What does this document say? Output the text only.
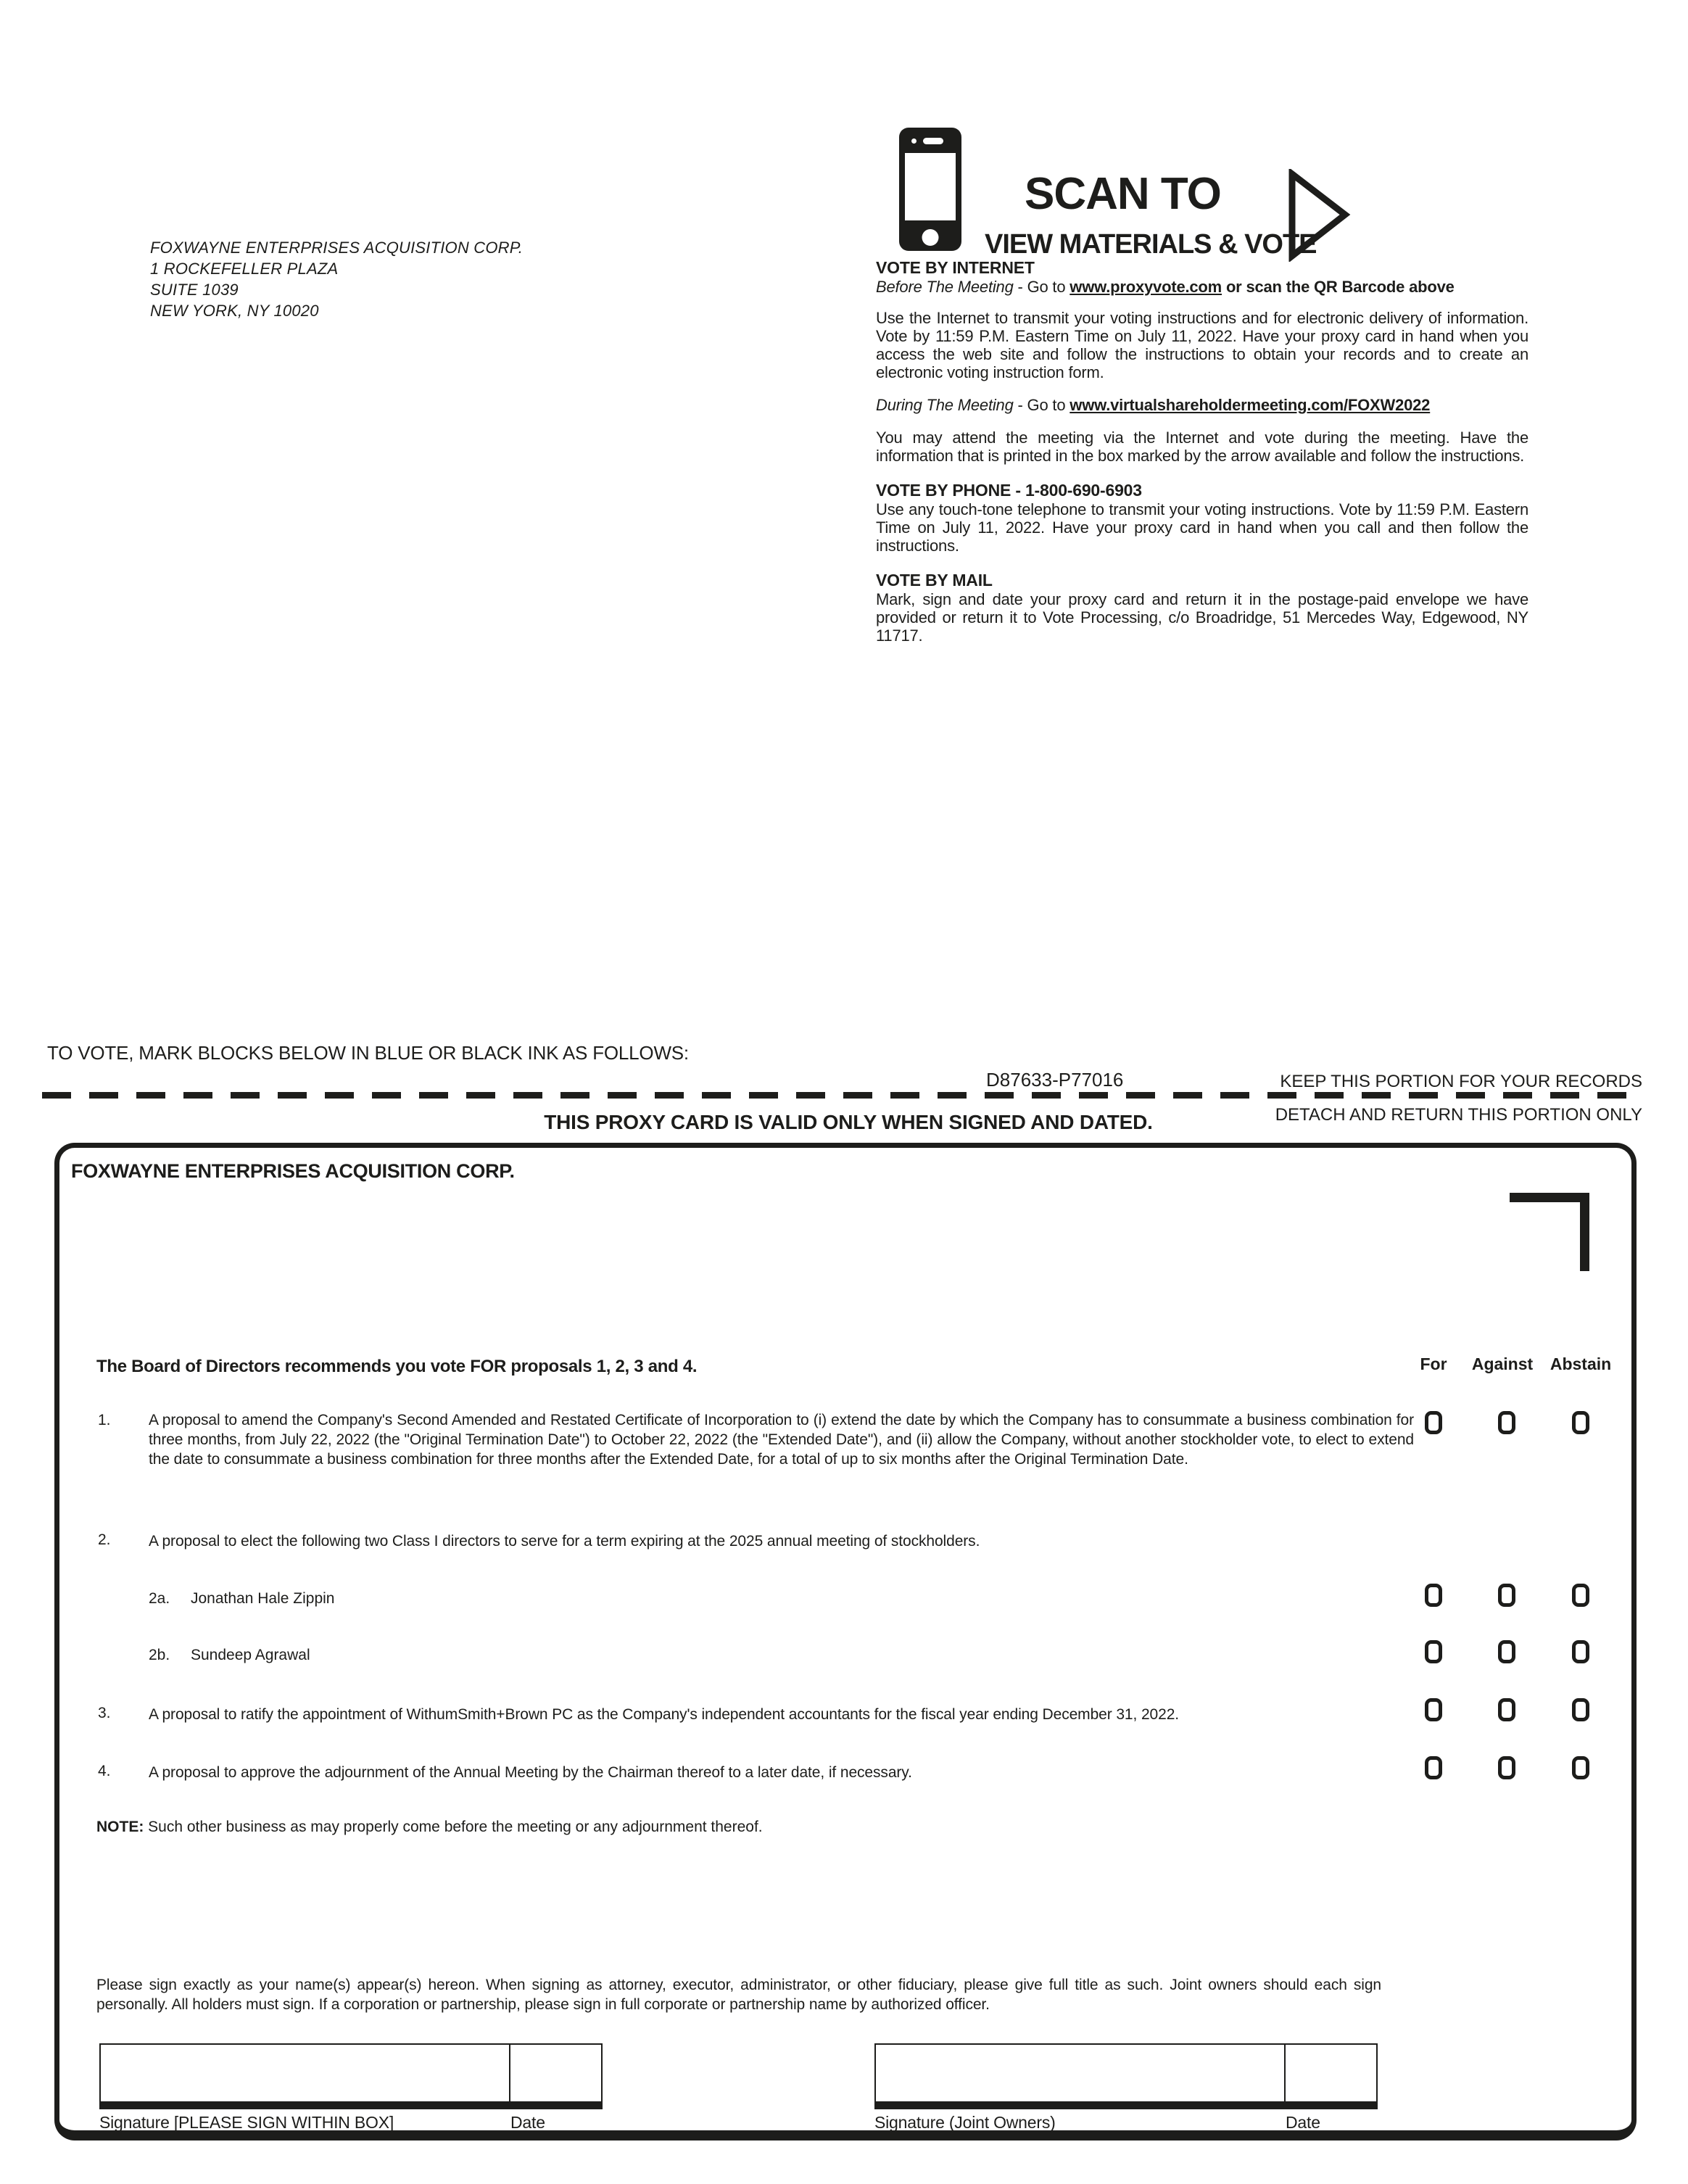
FOXWAYNE ENTERPRISES ACQUISITION CORP.
1 ROCKEFELLER PLAZA
SUITE 1039
NEW YORK, NY 10020
SCAN TO
VIEW MATERIALS & VOTE
VOTE BY INTERNET
Before The Meeting - Go to www.proxyvote.com or scan the QR Barcode above

Use the Internet to transmit your voting instructions and for electronic delivery of information. Vote by 11:59 P.M. Eastern Time on July 11, 2022. Have your proxy card in hand when you access the web site and follow the instructions to obtain your records and to create an electronic voting instruction form.

During The Meeting - Go to www.virtualshareholdermeeting.com/FOXW2022

You may attend the meeting via the Internet and vote during the meeting. Have the information that is printed in the box marked by the arrow available and follow the instructions.

VOTE BY PHONE - 1-800-690-6903

Use any touch-tone telephone to transmit your voting instructions. Vote by 11:59 P.M. Eastern Time on July 11, 2022. Have your proxy card in hand when you call and then follow the instructions.

VOTE BY MAIL

Mark, sign and date your proxy card and return it in the postage-paid envelope we have provided or return it to Vote Processing, c/o Broadridge, 51 Mercedes Way, Edgewood, NY 11717.

TO VOTE, MARK BLOCKS BELOW IN BLUE OR BLACK INK AS FOLLOWS:
D87633-P77016	KEEP THIS PORTION FOR YOUR RECORDS
DETACH AND RETURN THIS PORTION ONLY
THIS PROXY CARD IS VALID ONLY WHEN SIGNED AND DATED.
FOXWAYNE ENTERPRISES ACQUISITION CORP.
The Board of Directors recommends you vote FOR proposals 1, 2, 3 and 4.	For Against Abstain
1. A proposal to amend the Company's Second Amended and Restated Certificate of Incorporation to (i) extend the date by which the Company has to consummate a business combination for three months, from July 22, 2022 (the "Original Termination Date") to October 22, 2022 (the "Extended Date"), and (ii) allow the Company, without another stockholder vote, to elect to extend the date to consummate a business combination for three months after the Extended Date, for a total of up to six months after the Original Termination Date.
2. A proposal to elect the following two Class I directors to serve for a term expiring at the 2025 annual meeting of stockholders.
2a. Jonathan Hale Zippin
2b. Sundeep Agrawal
3. A proposal to ratify the appointment of WithumSmith+Brown PC as the Company's independent accountants for the fiscal year ending December 31, 2022.
4. A proposal to approve the adjournment of the Annual Meeting by the Chairman thereof to a later date, if necessary.
NOTE: Such other business as may properly come before the meeting or any adjournment thereof.
Please sign exactly as your name(s) appear(s) hereon. When signing as attorney, executor, administrator, or other fiduciary, please give full title as such. Joint owners should each sign personally. All holders must sign. If a corporation or partnership, please sign in full corporate or partnership name by authorized officer.
Signature [PLEASE SIGN WITHIN BOX]	Date	Signature (Joint Owners)	Date
